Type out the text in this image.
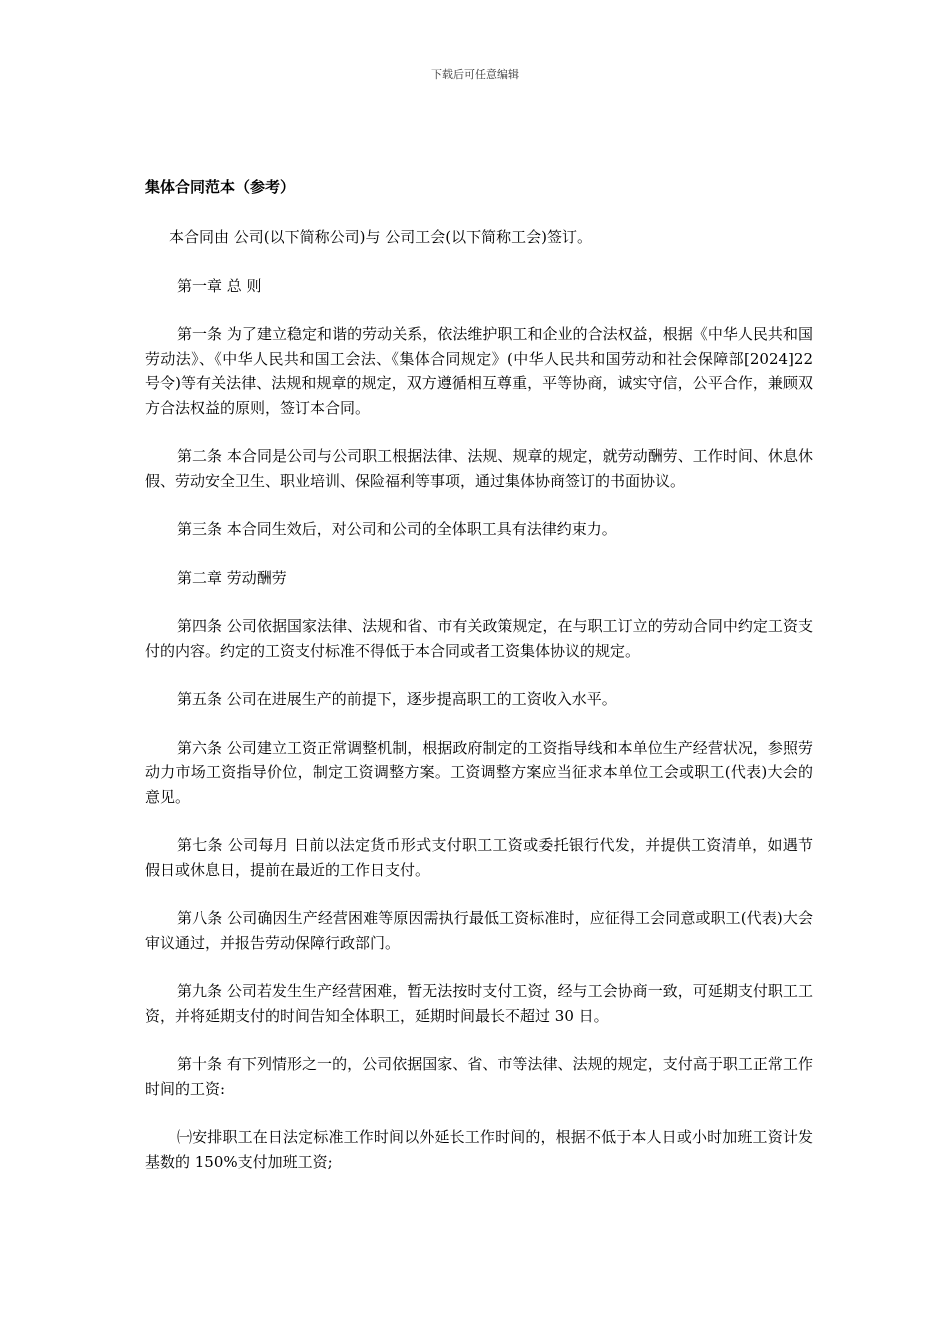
下载后可任意编辑
集体合同范本（参考）

本合同由 公司(以下简称公司)与 公司工会(以下简称工会)签订。

第一章 总 则

第一条 为了建立稳定和谐的劳动关系，依法维护职工和企业的合法权益，根据《中华人民共和国劳动法》、《中华人民共和国工会法、《集体合同规定》(中华人民共和国劳动和社会保障部[2024]22 号令)等有关法律、法规和规章的规定，双方遵循相互尊重，平等协商，诚实守信，公平合作，兼顾双方合法权益的原则，签订本合同。

第二条 本合同是公司与公司职工根据法律、法规、规章的规定，就劳动酬劳、工作时间、休息休假、劳动安全卫生、职业培训、保险福利等事项，通过集体协商签订的书面协议。

第三条 本合同生效后，对公司和公司的全体职工具有法律约束力。

第二章 劳动酬劳

第四条 公司依据国家法律、法规和省、市有关政策规定，在与职工订立的劳动合同中约定工资支付的内容。约定的工资支付标准不得低于本合同或者工资集体协议的规定。

第五条 公司在进展生产的前提下，逐步提高职工的工资收入水平。

第六条 公司建立工资正常调整机制，根据政府制定的工资指导线和本单位生产经营状况，参照劳动力市场工资指导价位，制定工资调整方案。工资调整方案应当征求本单位工会或职工(代表)大会的意见。

第七条 公司每月 日前以法定货币形式支付职工工资或委托银行代发，并提供工资清单，如遇节假日或休息日，提前在最近的工作日支付。

第八条 公司确因生产经营困难等原因需执行最低工资标准时，应征得工会同意或职工(代表)大会审议通过，并报告劳动保障行政部门。

第九条 公司若发生生产经营困难，暂无法按时支付工资，经与工会协商一致，可延期支付职工工资，并将延期支付的时间告知全体职工，延期时间最长不超过 30 日。

第十条 有下列情形之一的，公司依据国家、省、市等法律、法规的规定，支付高于职工正常工作时间的工资:

㈠安排职工在日法定标准工作时间以外延长工作时间的，根据不低于本人日或小时加班工资计发基数的 150%支付加班工资;
